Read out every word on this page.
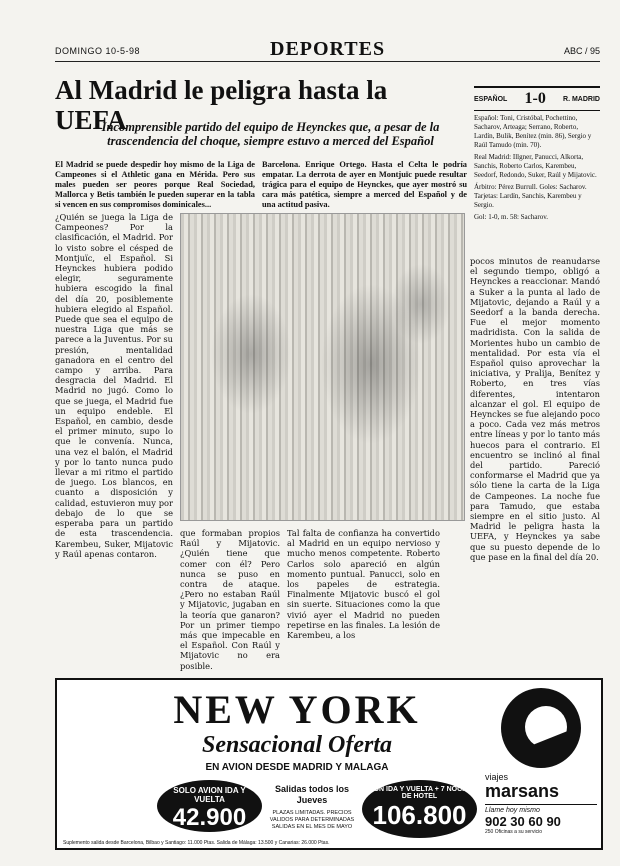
DOMINGO 10-5-98	DEPORTES	ABC / 95
Al Madrid le peligra hasta la UEFA
Incomprensible partido del equipo de Heynckes que, a pesar de la trascendencia del choque, siempre estuvo a merced del Español
ESPAÑOL 1-0 R. MADRID

Español: Toni, Cristóbal, Pochettino, Sacharov, Arteaga; Serrano, Roberto, Lardín, Bulik, Benítez (min. 86), Sergio y Raúl Tamudo (min. 70).

Real Madrid: Illgner, Panucci, Alkorta, Sanchis, Roberto Carlos, Karembeu, Seedorf, Redondo, Suker, Raúl y Mijatovic.

Árbitro: Pérez Burrull. Goles: Sacharov. Tarjetas: Lardín, Sanchis, Karembeu y Sergio.

Gol: 1-0, m. 58: Sacharov.

El Madrid se puede despedir hoy mismo de la Liga de Campeones si el Athletic gana en Mérida. Pero sus males pueden ser peores porque Real Sociedad, Mallorca y Betis también le pueden superar en la tabla si vencen en sus compromisos dominicales...
Barcelona. Enrique Ortego. Hasta el Celta le podría empatar. La derrota de ayer en Montjuïc puede resultar trágica para el equipo de Heynckes, que ayer mostró su cara más patética, siempre a merced del Español y de una actitud pasiva.
¿Quién se juega la Liga de Campeones? Por la clasificación, el Madrid. Por lo visto sobre el césped de Montjuïc, el Español. Si Heynckes hubiera podido elegir, seguramente hubiera escogido la final del día 20, posiblemente hubiera elegido al Español. Puede que sea el equipo de nuestra Liga que más se parece a la Juventus. Por su presión, mentalidad ganadora en el centro del campo y arriba. Para desgracia del Madrid. El Madrid no jugó. Como lo que se juega, el Madrid fue un equipo endeble. El Español, en cambio, desde el primer minuto, supo lo que le convenía. Nunca, una vez el balón, el Madrid y por lo tanto nunca pudo llevar a mi ritmo el partido de juego. Los blancos, en cuanto a disposición y calidad, estuvieron muy por debajo de lo que se esperaba para un partido de esta trascendencia. Karembeu, Suker, Mijatovic y Raúl apenas contaron.
que formaban propios Raúl y Mijatovic. ¿Quién tiene que comer con él? Pero nunca se puso en contra de ataque. ¿Pero no estaban Raúl y Mijatovic, jugaban en la teoría que ganaron? Por un primer tiempo más que impecable en el Español. Con Raúl y Mijatovic no era posible.
Tal falta de confianza ha convertido al Madrid en un equipo nervioso y mucho menos competente. Roberto Carlos solo apareció en algún momento puntual. Panucci, solo en los papeles de estrategia. Finalmente Mijatovic buscó el gol sin suerte. Situaciones como la que vivió ayer el Madrid no pueden repetirse en las finales. La lesión de Karembeu, a los
pocos minutos de reanudarse el segundo tiempo, obligó a Heynckes a reaccionar. Mandó a Suker a la punta al lado de Mijatovic, dejando a Raúl y a Seedorf a la banda derecha. Fue el mejor momento madridista. Con la salida de Morientes hubo un cambio de mentalidad. Por esta vía el Español quiso aprovechar la iniciativa, y Pralija, Benítez y Roberto, en tres vías diferentes, intentaron alcanzar el gol. El equipo de Heynckes se fue alejando poco a poco. Cada vez más metros entre líneas y por lo tanto más huecos para el contrario. El encuentro se inclinó al final del partido. Pareció conformarse el Madrid que ya sólo tiene la carta de la Liga de Campeones. La noche fue para Tamudo, que estaba siempre en el sitio justo. Al Madrid le peligra hasta la UEFA, y Heynckes ya sabe que su puesto depende de lo que pase en la final del día 20.
NEW YORK
Sensacional Oferta
EN AVION DESDE MADRID Y MALAGA
SOLO AVION IDA Y VUELTA
42.900
Salidas todos los Jueves
PLAZAS LIMITADAS. PRECIOS VALIDOS PARA DETERMINADAS SALIDAS EN EL MES DE MAYO
AVION IDA Y VUELTA + 7 NOCHES DE HOTEL
106.800
Suplemento salida desde Barcelona, Bilbao y Santiago: 11.000 Ptas. Salida de Málaga: 13.500 y Canarias: 26.000 Ptas.
viajes
marsans
Llame hoy mismo
902 30 60 90
250 Oficinas a su servicio
